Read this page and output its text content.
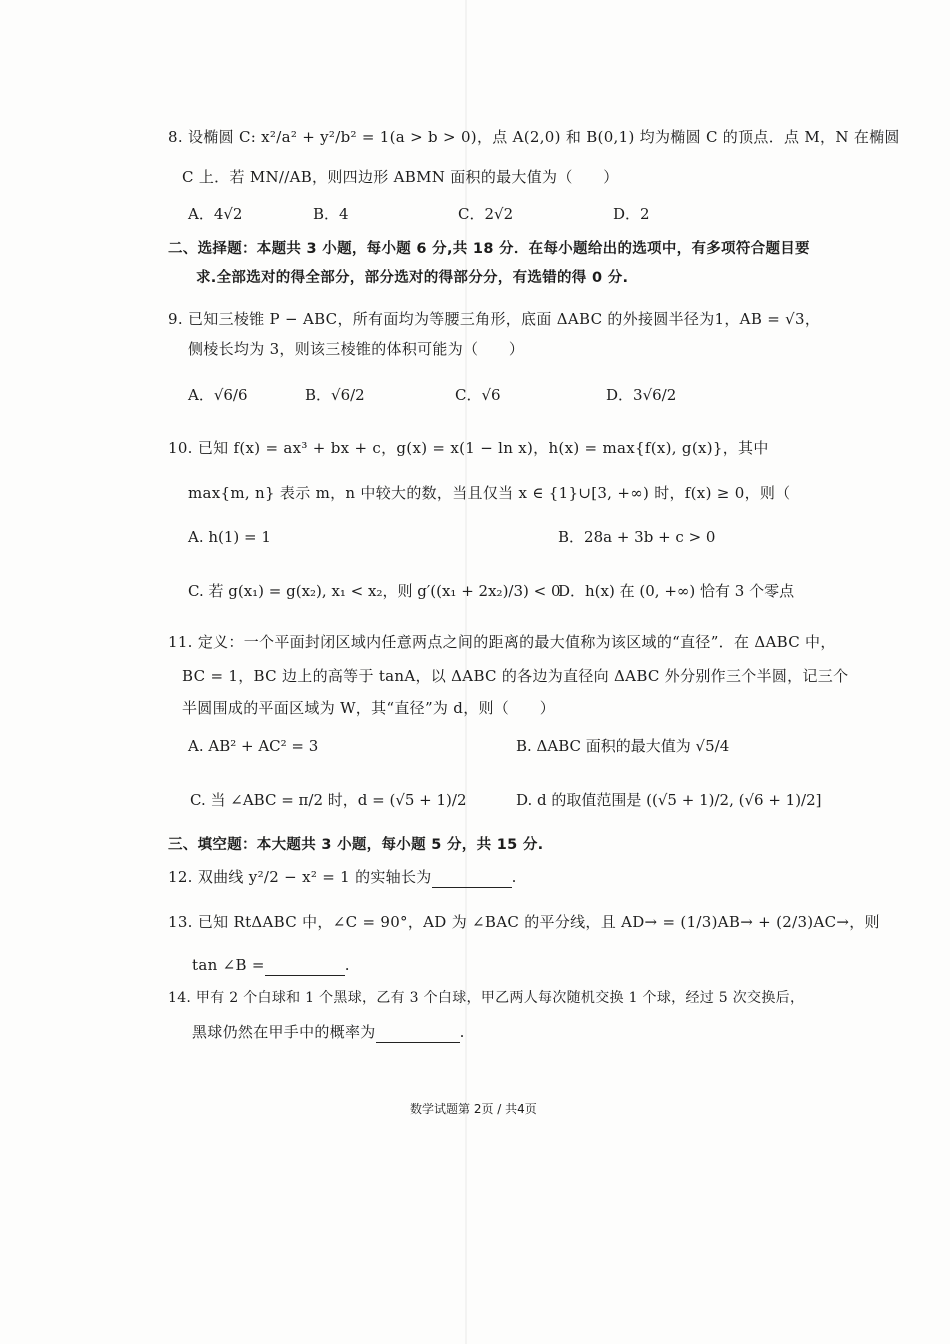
8. 设椭圆 C: x²/a² + y²/b² = 1(a > b > 0)，点 A(2,0) 和 B(0,1) 均为椭圆 C 的顶点．点 M，N 在椭圆
C 上．若 MN//AB，则四边形 ABMN 面积的最大值为（　　）
A．4√2	B．4	C．2√2	D．2
二、选择题：本题共 3 小题，每小题 6 分,共 18 分．在每小题给出的选项中，有多项符合题目要
求.全部选对的得全部分，部分选对的得部分分，有选错的得 0 分.
9. 已知三棱锥 P − ABC，所有面均为等腰三角形，底面 ΔABC 的外接圆半径为1，AB = √3，
侧棱长均为 3，则该三棱锥的体积可能为（　　）
A．√6/6	B．√6/2	C．√6	D．3√6/2
10. 已知 f(x) = ax³ + bx + c，g(x) = x(1 − ln x)，h(x) = max{f(x), g(x)}，其中
max{m, n} 表示 m，n 中较大的数，当且仅当 x ∈ {1}∪[3, +∞) 时，f(x) ≥ 0，则（
A. h(1) = 1	B．28a + 3b + c > 0
C. 若 g(x₁) = g(x₂), x₁ < x₂，则 g′((x₁ + 2x₂)/3) < 0
D．h(x) 在 (0, +∞) 恰有 3 个零点
11. 定义：一个平面封闭区域内任意两点之间的距离的最大值称为该区域的“直径”．在 ΔABC 中，
BC = 1，BC 边上的高等于 tanA，以 ΔABC 的各边为直径向 ΔABC 外分别作三个半圆，记三个
半圆围成的平面区域为 W，其“直径”为 d，则（　　）
A. AB² + AC² = 3	B. ΔABC 面积的最大值为 √5/4
C. 当 ∠ABC = π/2 时，d = (√5 + 1)/2	D. d 的取值范围是 ((√5 + 1)/2, (√6 + 1)/2]
三、填空题：本大题共 3 小题，每小题 5 分，共 15 分.
12. 双曲线 y²/2 − x² = 1 的实轴长为	.
13. 已知 RtΔABC 中，∠C = 90°，AD 为 ∠BAC 的平分线，且 AD→ = (1/3)AB→ + (2/3)AC→，则
tan ∠B =	.
14. 甲有 2 个白球和 1 个黑球，乙有 3 个白球，甲乙两人每次随机交换 1 个球，经过 5 次交换后，
黑球仍然在甲手中的概率为	.
数学试题第 2页 / 共4页
